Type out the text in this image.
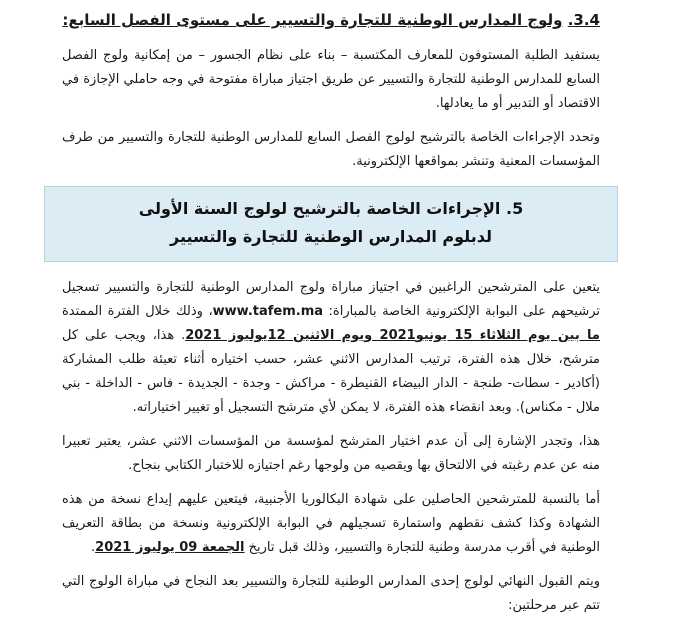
3.4. ولوج المدارس الوطنية للتجارة والتسيير على مستوى الفصل السابع:

يستفيد الطلبة المستوفون للمعارف المكتسبة – بناء على نظام الجسور – من إمكانية ولوج الفصل السابع للمدارس الوطنية للتجارة والتسيير عن طريق اجتياز مباراة مفتوحة في وجه حاملي الإجازة في الاقتصاد أو التدبير أو ما يعادلها.

وتحدد الإجراءات الخاصة بالترشيح لولوج الفصل السابع للمدارس الوطنية للتجارة والتسيير من طرف المؤسسات المعنية وتنشر بمواقعها الإلكترونية.

5. الإجراءات الخاصة بالترشيح لولوج السنة الأولى
لدبلوم المدارس الوطنية للتجارة والتسيير

يتعين على المترشحين الراغبين في اجتياز مباراة ولوج المدارس الوطنية للتجارة والتسيير تسجيل ترشيحهم على البوابة الإلكترونية الخاصة بالمباراة: www.tafem.ma، وذلك خلال الفترة الممتدة ما بين يوم الثلاثاء 15 يونيو2021 ويوم الاثنين 12يوليوز 2021. هذا، ويجب على كل مترشح، خلال هذه الفترة، ترتيب المدارس الاثني عشر، حسب اختياره أثناء تعبئة طلب المشاركة (أكادير - سطات- طنجة - الدار البيضاء القنيطرة - مراكش - وجدة - الجديدة - فاس - الداخلة - بني ملال - مكناس). وبعد انقضاء هذه الفترة، لا يمكن لأي مترشح التسجيل أو تغيير اختياراته.

هذا، وتجدر الإشارة إلى أن عدم اختيار المترشح لمؤسسة من المؤسسات الاثني عشر، يعتبر تعبيرا منه عن عدم رغبته في الالتحاق بها ويقصيه من ولوجها رغم اجتيازه للاختبار الكتابي بنجاح.

أما بالنسبة للمترشحين الحاصلين على شهادة البكالوريا الأجنبية، فيتعين عليهم إيداع نسخة من هذه الشهادة وكذا كشف نقطهم واستمارة تسجيلهم في البوابة الإلكترونية ونسخة من بطاقة التعريف الوطنية في أقرب مدرسة وطنية للتجارة والتسيير، وذلك قبل تاريخ الجمعة 09 يوليوز 2021.

ويتم القبول النهائي لولوج إحدى المدارس الوطنية للتجارة والتسيير بعد النجاح في مباراة الولوج التي تتم عبر مرحلتين:
